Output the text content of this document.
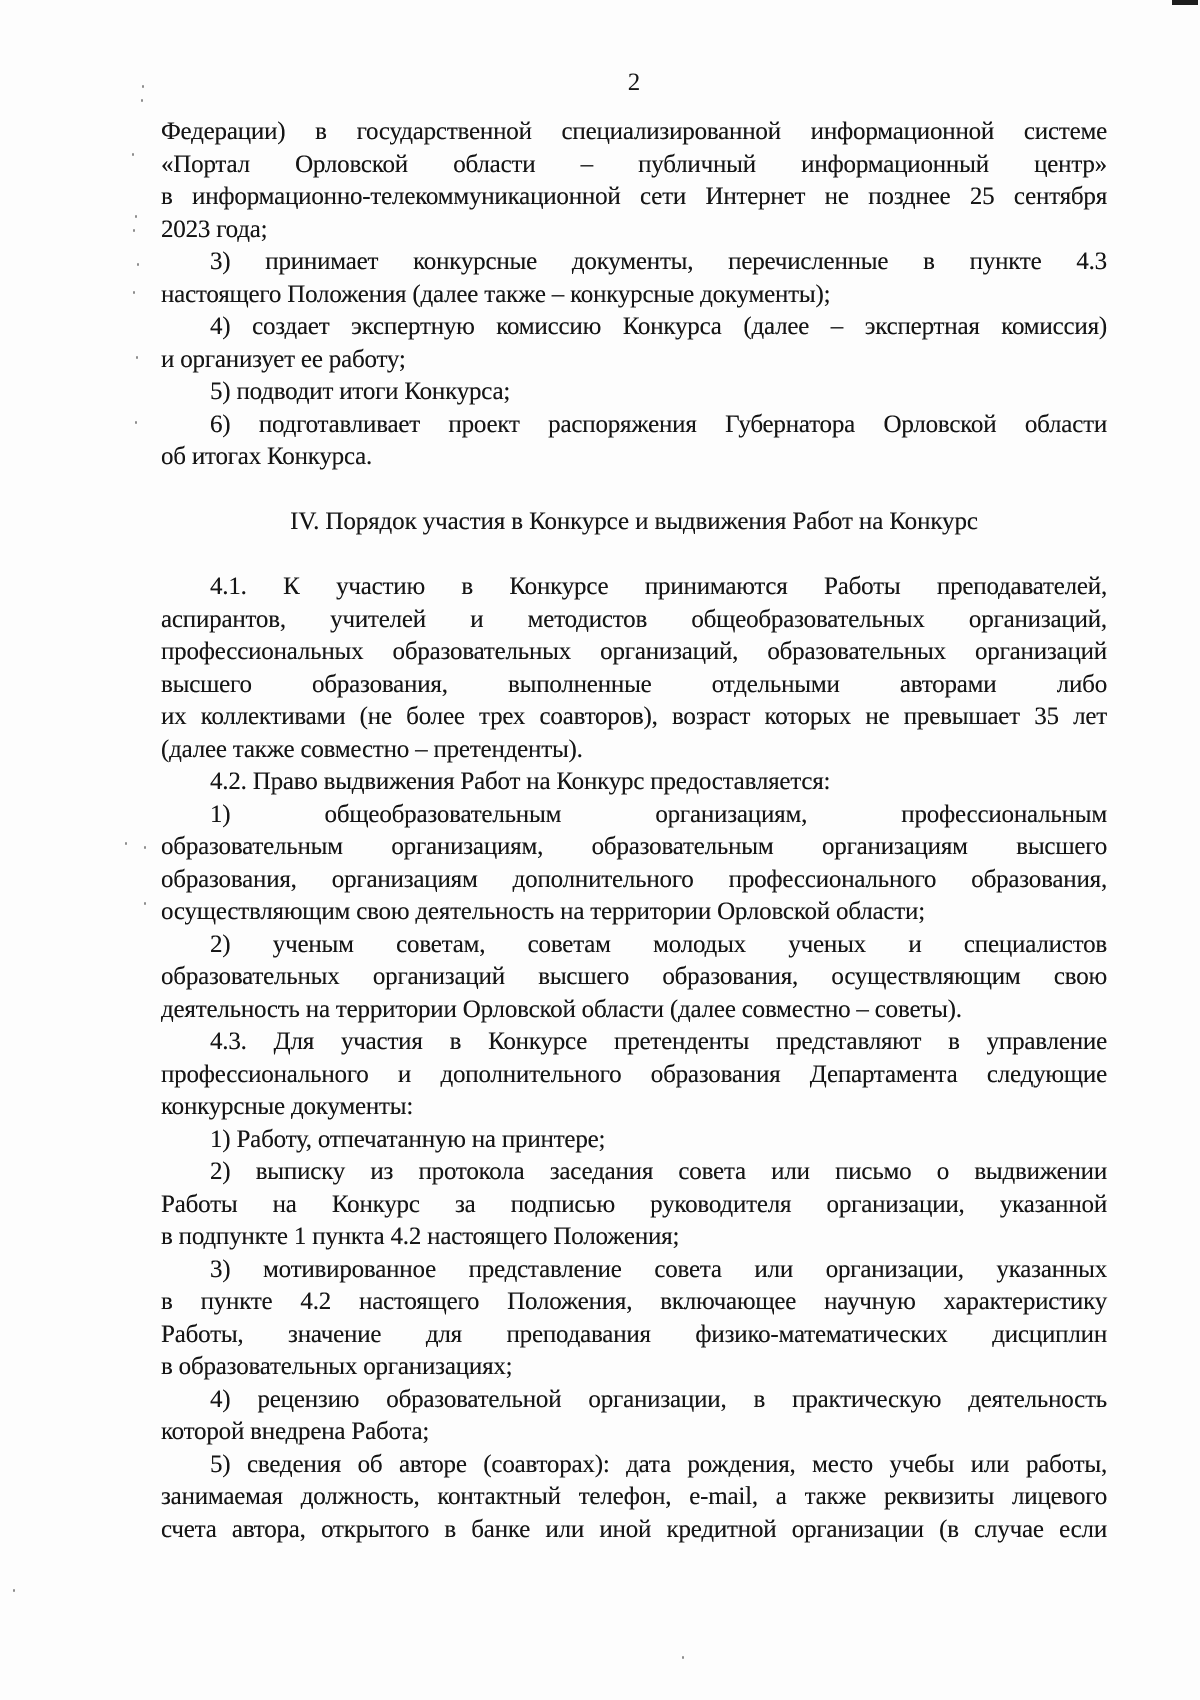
2
Федерации) в государственной специализированной информационной системе
«Портал Орловской области – публичный информационный центр»
в информационно-телекоммуникационной сети Интернет не позднее 25 сентября
2023 года;
3) принимает конкурсные документы, перечисленные в пункте 4.3
настоящего Положения (далее также – конкурсные документы);
4) создает экспертную комиссию Конкурса (далее – экспертная комиссия)
и организует ее работу;
5) подводит итоги Конкурса;
6) подготавливает проект распоряжения Губернатора Орловской области
об итогах Конкурса.
IV. Порядок участия в Конкурсе и выдвижения Работ на Конкурс
4.1. К участию в Конкурсе принимаются Работы преподавателей,
аспирантов, учителей и методистов общеобразовательных организаций,
профессиональных образовательных организаций, образовательных организаций
высшего образования, выполненные отдельными авторами либо
их коллективами (не более трех соавторов), возраст которых не превышает 35 лет
(далее также совместно – претенденты).
4.2. Право выдвижения Работ на Конкурс предоставляется:
1) общеобразовательным организациям, профессиональным
образовательным организациям, образовательным организациям высшего
образования, организациям дополнительного профессионального образования,
осуществляющим свою деятельность на территории Орловской области;
2) ученым советам, советам молодых ученых и специалистов
образовательных организаций высшего образования, осуществляющим свою
деятельность на территории Орловской области (далее совместно – советы).
4.3. Для участия в Конкурсе претенденты представляют в управление
профессионального и дополнительного образования Департамента следующие
конкурсные документы:
1) Работу, отпечатанную на принтере;
2) выписку из протокола заседания совета или письмо о выдвижении
Работы на Конкурс за подписью руководителя организации, указанной
в подпункте 1 пункта 4.2 настоящего Положения;
3) мотивированное представление совета или организации, указанных
в пункте 4.2 настоящего Положения, включающее научную характеристику
Работы, значение для преподавания физико-математических дисциплин
в образовательных организациях;
4) рецензию образовательной организации, в практическую деятельность
которой внедрена Работа;
5) сведения об авторе (соавторах): дата рождения, место учебы или работы,
занимаемая должность, контактный телефон, e-mail, а также реквизиты лицевого
счета автора, открытого в банке или иной кредитной организации (в случае если
